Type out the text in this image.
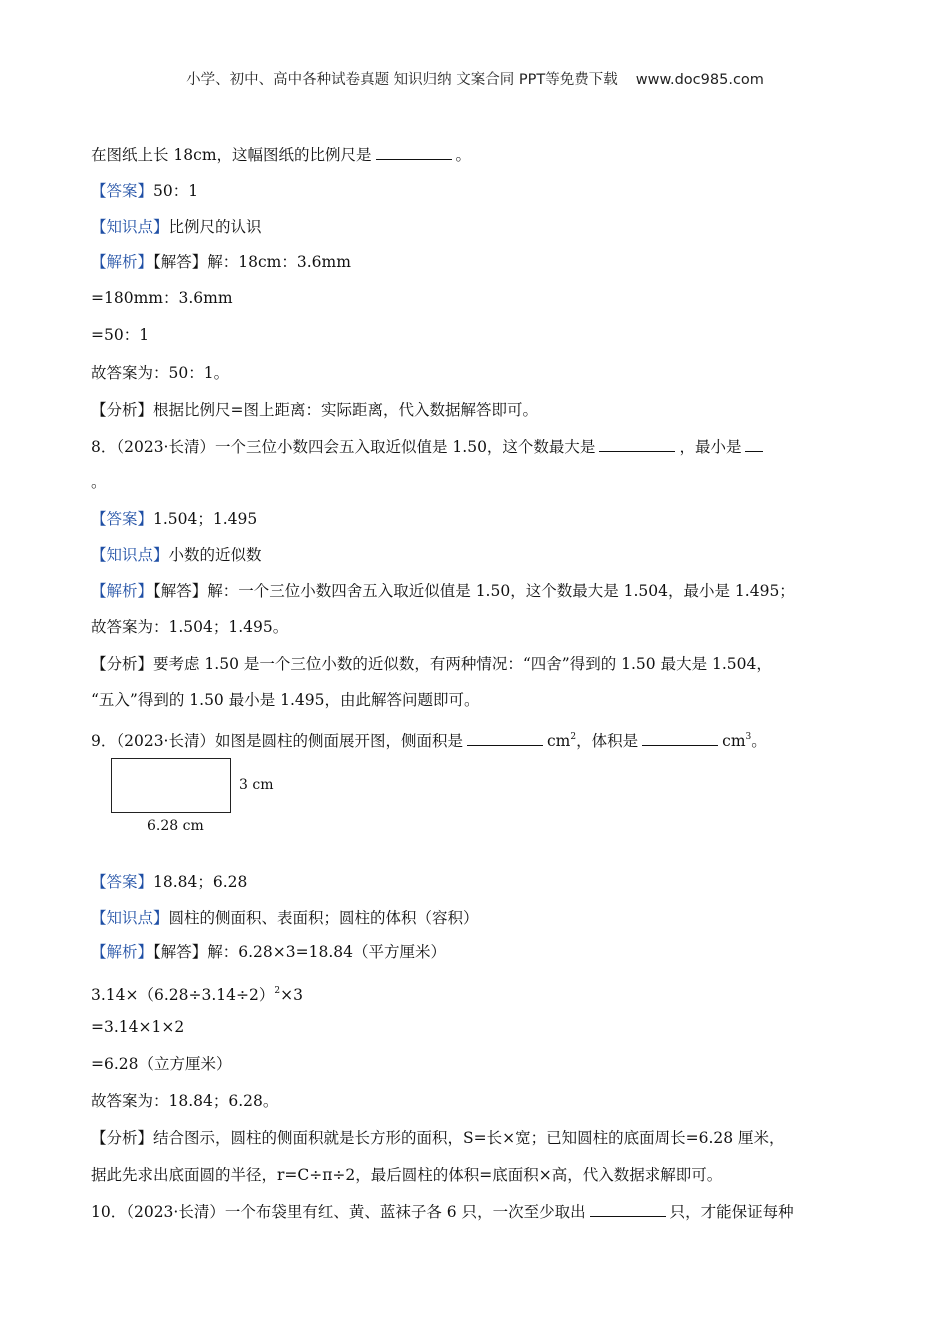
小学、初中、高中各种试卷真题 知识归纳 文案合同 PPT等免费下载 www.doc985.com
在图纸上长 18cm，这幅图纸的比例尺是	。
【答案】50：1
【知识点】比例尺的认识
【解析】【解答】解：18cm：3.6mm
=180mm：3.6mm
=50：1
故答案为：50：1。
【分析】根据比例尺=图上距离：实际距离，代入数据解答即可。
8．（2023·长清）一个三位小数四会五入取近似值是 1.50，这个数最大是	，最小是
。
【答案】1.504；1.495
【知识点】小数的近似数
【解析】【解答】解：一个三位小数四舍五入取近似值是 1.50，这个数最大是 1.504，最小是 1.495；
故答案为：1.504；1.495。
【分析】要考虑 1.50 是一个三位小数的近似数，有两种情况：“四舍”得到的 1.50 最大是 1.504，
“五入”得到的 1.50 最小是 1.495，由此解答问题即可。
9．（2023·长清）如图是圆柱的侧面展开图，侧面积是	$cm^2$，体积是	$cm^3$。
3 cm
6.28 cm
【答案】18.84；6.28
【知识点】圆柱的侧面积、表面积；圆柱的体积（容积）
【解析】【解答】解：6.28×3=18.84（平方厘米）
$3.14\times(6.28\div 3.14\div 2)^2\times 3$
=3.14×1×2
=6.28（立方厘米）
故答案为：18.84；6.28。
【分析】结合图示，圆柱的侧面积就是长方形的面积，S=长×宽；已知圆柱的底面周长=6.28 厘米，
据此先求出底面圆的半径，r=C÷π÷2，最后圆柱的体积=底面积×高，代入数据求解即可。
10．（2023·长清）一个布袋里有红、黄、蓝袜子各 6 只，一次至少取出	只，才能保证每种
